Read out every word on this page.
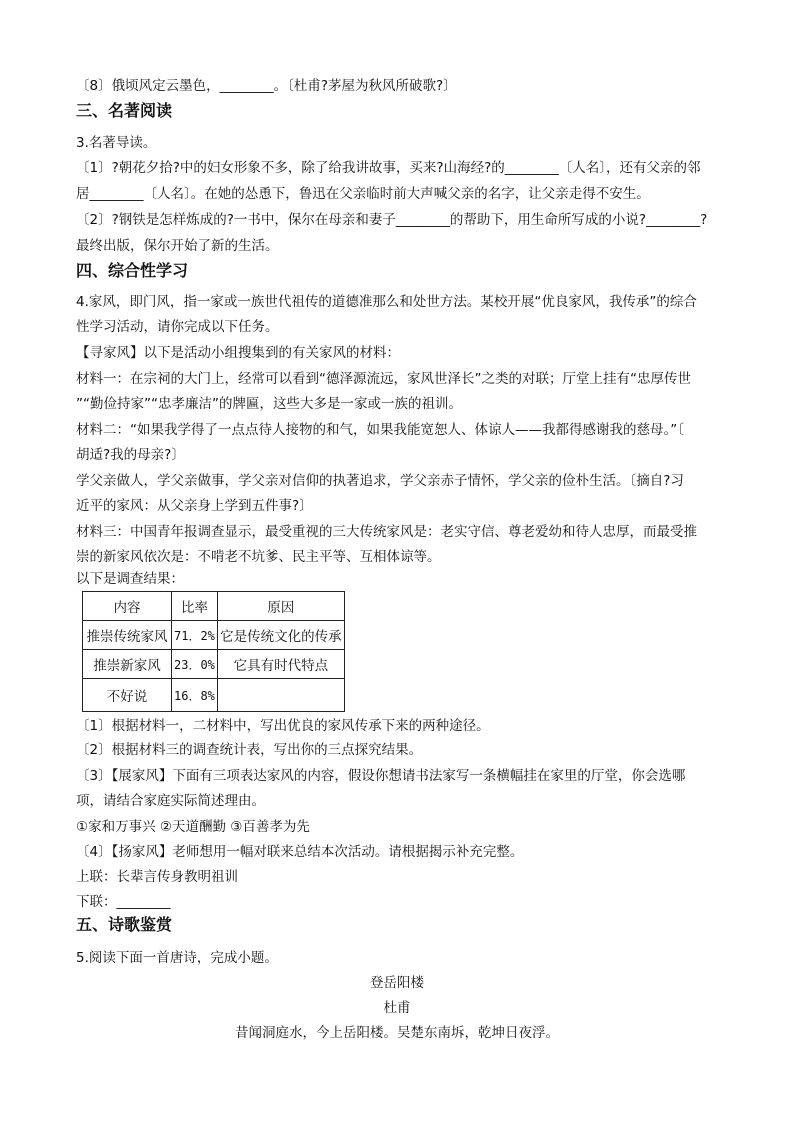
〔8〕俄顷风定云墨色，________。〔杜甫?茅屋为秋风所破歌?〕
三、名著阅读
3.名著导读。
〔1〕?朝花夕拾?中的妇女形象不多，除了给我讲故事，买来?山海经?的________〔人名〕，还有父亲的邻
居________〔人名〕。在她的怂恿下，鲁迅在父亲临时前大声喊父亲的名字，让父亲走得不安生。
〔2〕?钢铁是怎样炼成的?一书中，保尔在母亲和妻子________的帮助下，用生命所写成的小说?________?
最终出版，保尔开始了新的生活。
四、综合性学习
4.家风，即门风，指一家或一族世代祖传的道德准那么和处世方法。某校开展“优良家风，我传承”的综合
性学习活动，请你完成以下任务。
【寻家风】以下是活动小组搜集到的有关家风的材料：
材料一：在宗祠的大门上，经常可以看到“德泽源流远，家风世泽长”之类的对联；厅堂上挂有“忠厚传世
”“勤俭持家”“忠孝廉洁”的牌匾，这些大多是一家或一族的祖训。
材料二：“如果我学得了一点点待人接物的和气，如果我能宽恕人、体谅人——我都得感谢我的慈母。”〔
胡适?我的母亲?〕
学父亲做人，学父亲做事，学父亲对信仰的执著追求，学父亲赤子情怀，学父亲的俭朴生活。〔摘自?习
近平的家风：从父亲身上学到五件事?〕
材料三：中国青年报调查显示，最受重视的三大传统家风是：老实守信、尊老爱幼和待人忠厚，而最受推
崇的新家风依次是：不啃老不坑爹、民主平等、互相体谅等。
以下是调查结果：
内容	比率	原因
推崇传统家风	71．2%	它是传统文化的传承
推崇新家风	23．0%	它具有时代特点
不好说	16．8%	
〔1〕根据材料一，二材料中，写出优良的家风传承下来的两种途径。
〔2〕根据材料三的调查统计表，写出你的三点探究结果。
〔3〕【展家风】下面有三项表达家风的内容，假设你想请书法家写一条横幅挂在家里的厅堂，你会选哪
项，请结合家庭实际简述理由。
①家和万事兴 ②天道酬勤 ③百善孝为先
〔4〕【扬家风】老师想用一幅对联来总结本次活动。请根据揭示补充完整。
上联：长辈言传身教明祖训
下联：________
五、诗歌鉴赏
5.阅读下面一首唐诗，完成小题。
登岳阳楼
杜甫
昔闻洞庭水，今上岳阳楼。吴楚东南坼，乾坤日夜浮。
